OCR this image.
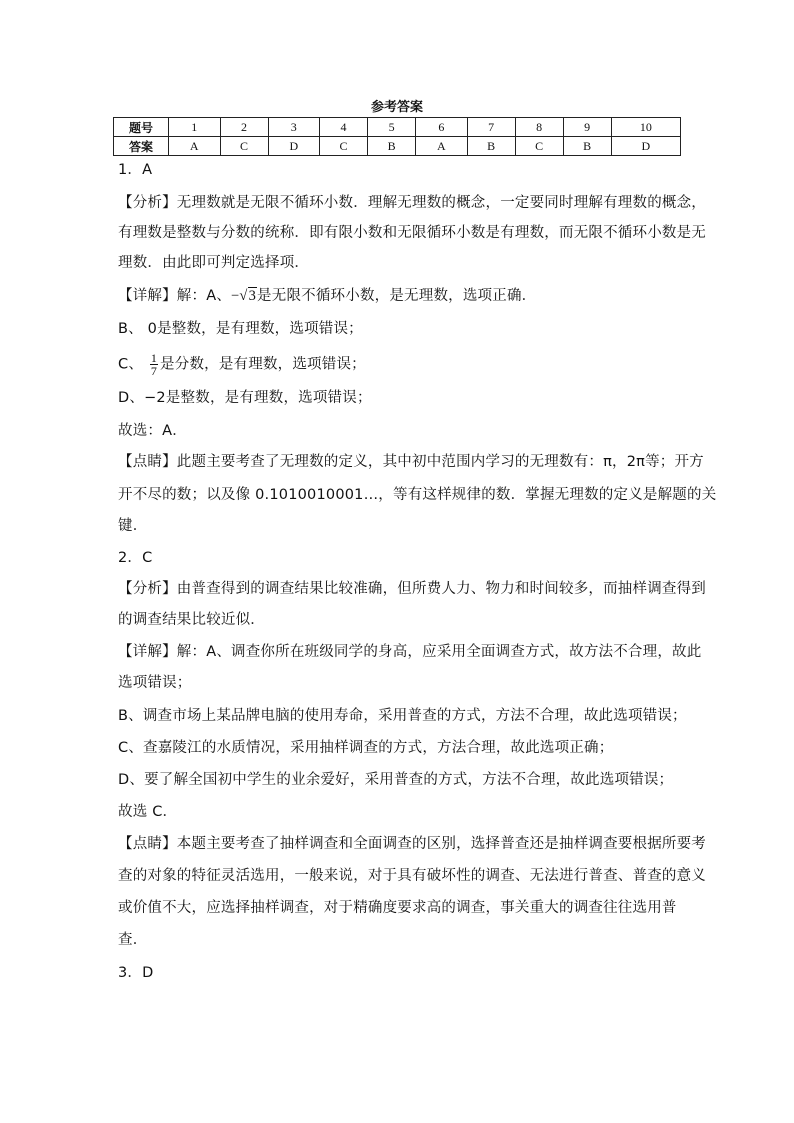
参考答案
题号	1	2	3	4	5	6	7	8	9	10
答案	A	C	D	C	B	A	B	C	B	D
1．A
【分析】无理数就是无限不循环小数．理解无理数的概念，一定要同时理解有理数的概念，
有理数是整数与分数的统称．即有限小数和无限循环小数是有理数，而无限不循环小数是无
理数．由此即可判定选择项．
【详解】解：A、−√3是无限不循环小数，是无理数，选项正确．
B、 0是整数，是有理数，选项错误；
C、 $\frac{1}{7}$ 是分数，是有理数，选项错误；
D、−2是整数，是有理数，选项错误；
故选：A．
【点睛】此题主要考查了无理数的定义，其中初中范围内学习的无理数有：π，2π等；开方
开不尽的数；以及像 0.1010010001…，等有这样规律的数．掌握无理数的定义是解题的关
键．
2．C
【分析】由普查得到的调查结果比较准确，但所费人力、物力和时间较多，而抽样调查得到
的调查结果比较近似．
【详解】解：A、调查你所在班级同学的身高，应采用全面调查方式，故方法不合理，故此
选项错误；
B、调查市场上某品牌电脑的使用寿命，采用普查的方式，方法不合理，故此选项错误；
C、查嘉陵江的水质情况，采用抽样调查的方式，方法合理，故此选项正确；
D、要了解全国初中学生的业余爱好，采用普查的方式，方法不合理，故此选项错误；
故选 C．
【点睛】本题主要考查了抽样调查和全面调查的区别，选择普查还是抽样调查要根据所要考
查的对象的特征灵活选用，一般来说，对于具有破坏性的调查、无法进行普查、普查的意义
或价值不大，应选择抽样调查，对于精确度要求高的调查，事关重大的调查往往选用普
查．
3．D
